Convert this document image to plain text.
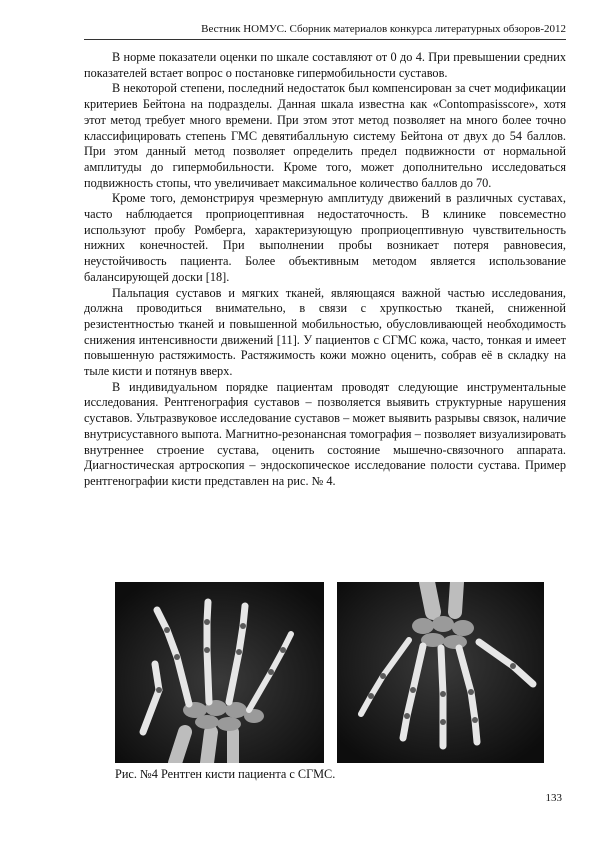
Вестник НОМУС. Сборник материалов конкурса литературных обзоров-2012

В норме показатели оценки по шкале составляют от 0 до 4. При превышении средних показателей встает вопрос о постановке гипермобильности суставов.

В некоторой степени, последний недостаток был компенсирован за счет модификации критериев Бейтона на подразделы. Данная шкала известна как «Contompasisscore», хотя этот метод требует много времени. При этом этот метод позволяет на много более точно классифицировать степень ГМС девятибалльную систему Бейтона от двух до 54 баллов. При этом данный метод позволяет определить предел подвижности от нормальной амплитуды до гипермобильности. Кроме того, может дополнительно исследоваться подвижность стопы, что увеличивает максимальное количество баллов до 70.

Кроме того, демонстрируя чрезмерную амплитуду движений в различных суставах, часто наблюдается проприоцептивная недостаточность. В клинике повсеместно используют пробу Ромберга, характеризующую проприоцептивную чувствительность нижних конечностей. При выполнении пробы возникает потеря равновесия, неустойчивость пациента. Более объективным методом является использование балансирующей доски [18].

Пальпация суставов и мягких тканей, являющаяся важной частью исследования, должна проводиться внимательно, в связи с хрупкостью тканей, сниженной резистентностью тканей и повышенной мобильностью, обусловливающей необходимость снижения интенсивности движений [11]. У пациентов с СГМС кожа, часто, тонкая и имеет повышенную растяжимость. Растяжимость кожи можно оценить, собрав её в складку на тыле кисти и потянув вверх.

В индивидуальном порядке пациентам проводят следующие инструментальные исследования. Рентгенография суставов – позволяется выявить структурные нарушения суставов. Ультразвуковое исследование суставов – может выявить разрывы связок, наличие внутрисуставного выпота. Магнитно-резонансная томография – позволяет визуализировать внутреннее строение сустава, оценить состояние мышечно-связочного аппарата. Диагностическая артроскопия – эндоскопическое исследование полости сустава. Пример рентгенографии кисти представлен на рис. № 4.

Рис. №4 Рентген кисти пациента с СГМС.
133
